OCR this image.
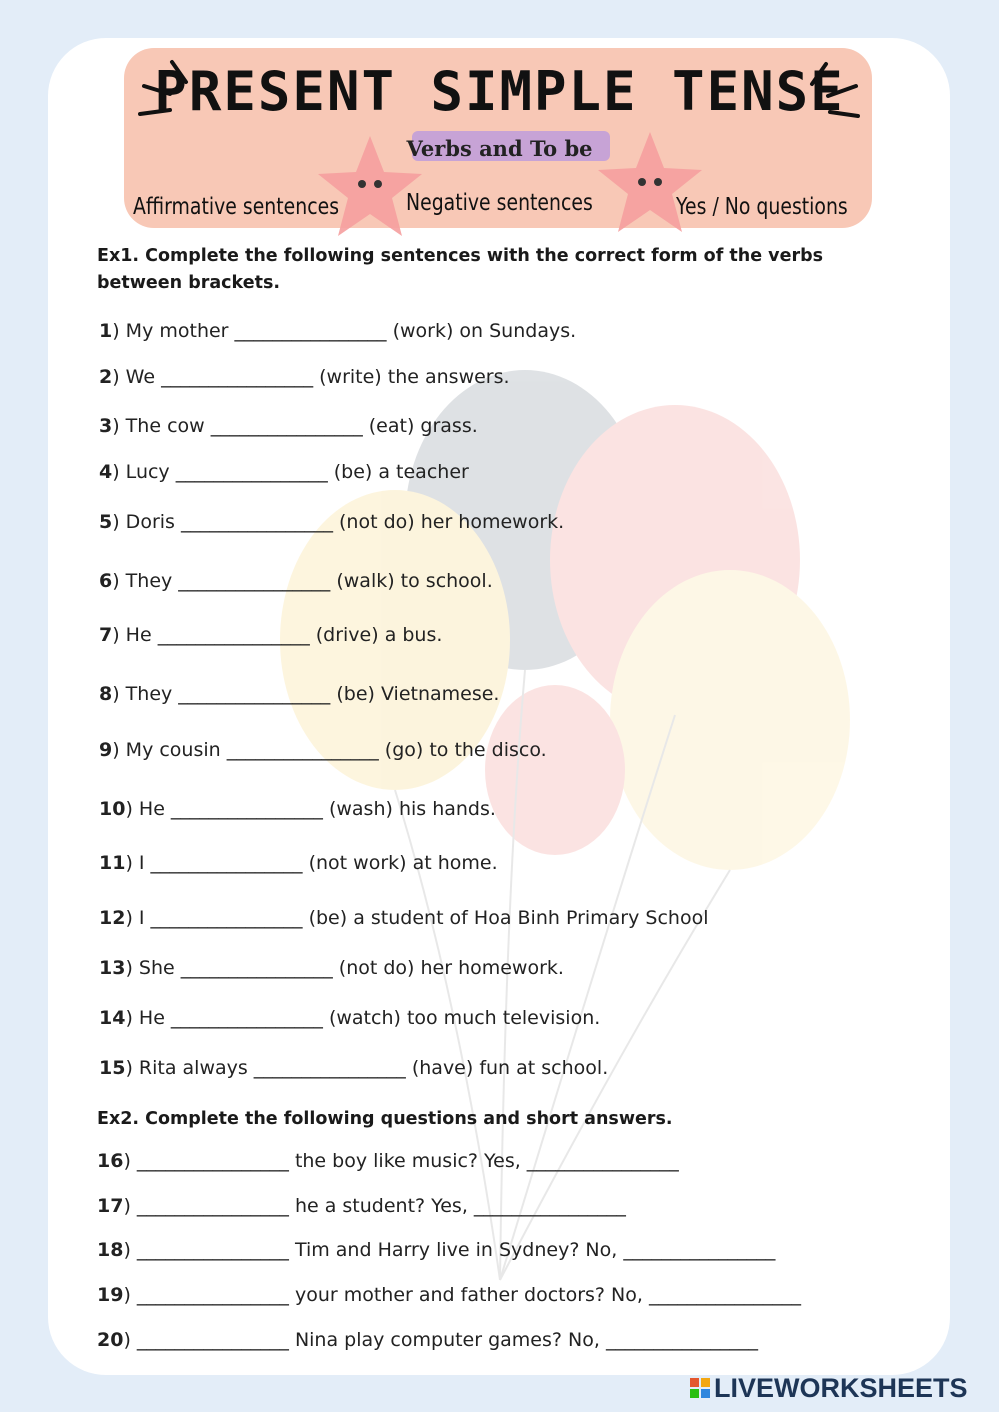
PRESENT SIMPLE TENSE
Verbs and To be
Affirmative sentences	Negative sentences	Yes / No questions
Ex1. Complete the following sentences with the correct form of the verbs
between brackets.
1) My mother ________________ (work) on Sundays.
2) We ________________ (write) the answers.
3) The cow ________________ (eat) grass.
4) Lucy ________________ (be) a teacher
5) Doris ________________ (not do) her homework.
6) They ________________ (walk) to school.
7) He ________________ (drive) a bus.
8) They ________________ (be) Vietnamese.
9) My cousin ________________ (go) to the disco.
10) He ________________ (wash) his hands.
11) I ________________ (not work) at home.
12) I ________________ (be) a student of Hoa Binh Primary School
13) She ________________ (not do) her homework.
14) He ________________ (watch) too much television.
15) Rita always ________________ (have) fun at school.
Ex2. Complete the following questions and short answers.
16) ________________ the boy like music? Yes, ________________
17) ________________ he a student? Yes, ________________
18) ________________ Tim and Harry live in Sydney? No, ________________
19) ________________ your mother and father doctors? No, ________________
20) ________________ Nina play computer games? No, ________________
LIVEWORKSHEETS
